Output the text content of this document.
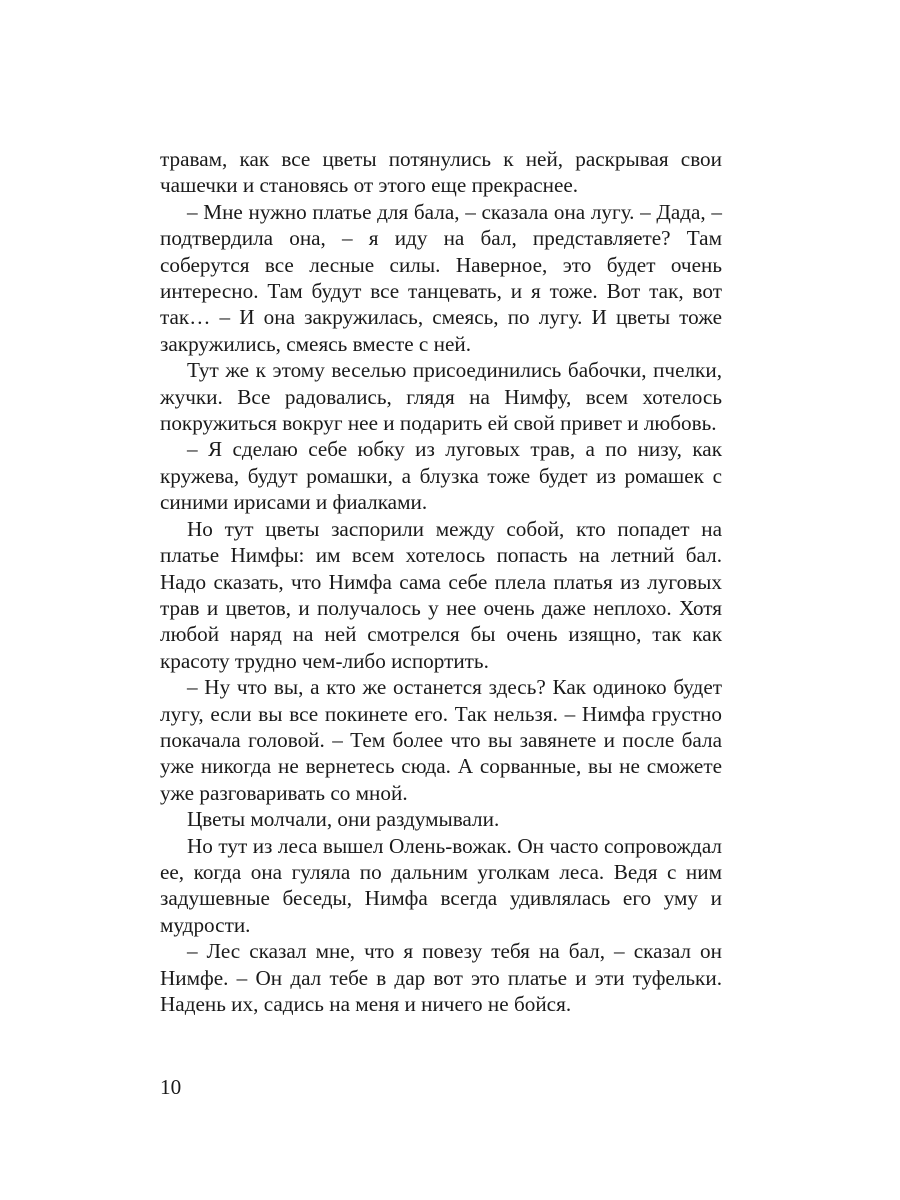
травам, как все цветы потянулись к ней, раскрывая свои чашечки и становясь от этого еще прекраснее.

– Мне нужно платье для бала, – сказала она лугу. – Дада, – подтвердила она, – я иду на бал, представляете? Там соберутся все лесные силы. Наверное, это будет очень интересно. Там будут все танцевать, и я тоже. Вот так, вот так… – И она закружилась, смеясь, по лугу. И цветы тоже закружились, смеясь вместе с ней.

Тут же к этому веселью присоединились бабочки, пчелки, жучки. Все радовались, глядя на Нимфу, всем хотелось покружиться вокруг нее и подарить ей свой привет и любовь.

– Я сделаю себе юбку из луговых трав, а по низу, как кружева, будут ромашки, а блузка тоже будет из ромашек с синими ирисами и фиалками.

Но тут цветы заспорили между собой, кто попадет на платье Нимфы: им всем хотелось попасть на летний бал. Надо сказать, что Нимфа сама себе плела платья из луговых трав и цветов, и получалось у нее очень даже неплохо. Хотя любой наряд на ней смотрелся бы очень изящно, так как красоту трудно чем-либо испортить.

– Ну что вы, а кто же останется здесь? Как одиноко будет лугу, если вы все покинете его. Так нельзя. – Нимфа грустно покачала головой. – Тем более что вы завянете и после бала уже никогда не вернетесь сюда. А сорванные, вы не сможете уже разговаривать со мной.

Цветы молчали, они раздумывали.

Но тут из леса вышел Олень-вожак. Он часто сопровождал ее, когда она гуляла по дальним уголкам леса. Ведя с ним задушевные беседы, Нимфа всегда удивлялась его уму и мудрости.

– Лес сказал мне, что я повезу тебя на бал, – сказал он Нимфе. – Он дал тебе в дар вот это платье и эти туфельки. Надень их, садись на меня и ничего не бойся.

10
